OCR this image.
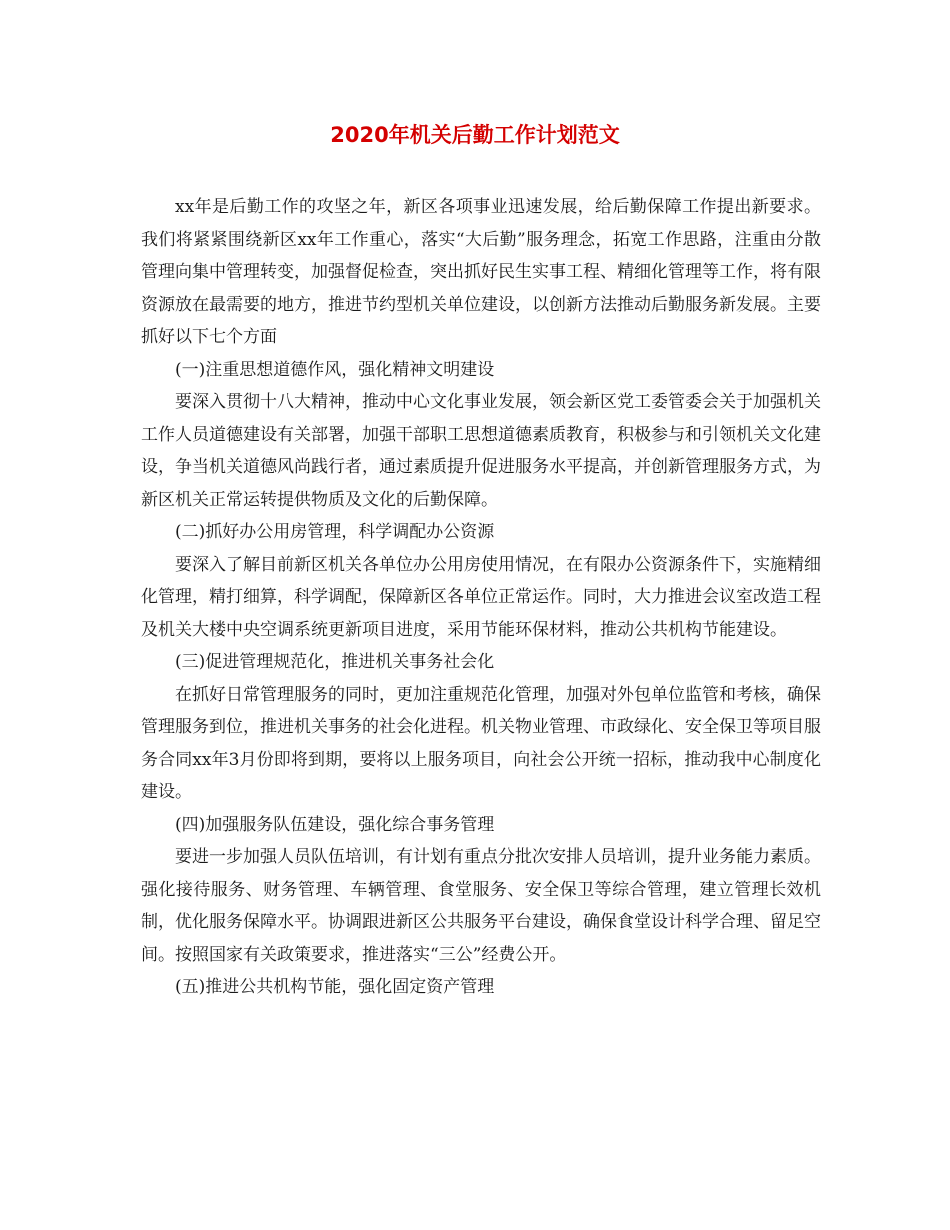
2020年机关后勤工作计划范文

xx年是后勤工作的攻坚之年，新区各项事业迅速发展，给后勤保障工作提出新要求。我们将紧紧围绕新区xx年工作重心，落实“大后勤”服务理念，拓宽工作思路，注重由分散管理向集中管理转变，加强督促检查，突出抓好民生实事工程、精细化管理等工作，将有限资源放在最需要的地方，推进节约型机关单位建设，以创新方法推动后勤服务新发展。主要抓好以下七个方面

(一)注重思想道德作风，强化精神文明建设

要深入贯彻十八大精神，推动中心文化事业发展，领会新区党工委管委会关于加强机关工作人员道德建设有关部署，加强干部职工思想道德素质教育，积极参与和引领机关文化建设，争当机关道德风尚践行者，通过素质提升促进服务水平提高，并创新管理服务方式，为新区机关正常运转提供物质及文化的后勤保障。

(二)抓好办公用房管理，科学调配办公资源

要深入了解目前新区机关各单位办公用房使用情况，在有限办公资源条件下，实施精细化管理，精打细算，科学调配，保障新区各单位正常运作。同时，大力推进会议室改造工程及机关大楼中央空调系统更新项目进度，采用节能环保材料，推动公共机构节能建设。

(三)促进管理规范化，推进机关事务社会化

在抓好日常管理服务的同时，更加注重规范化管理，加强对外包单位监管和考核，确保管理服务到位，推进机关事务的社会化进程。机关物业管理、市政绿化、安全保卫等项目服务合同xx年3月份即将到期，要将以上服务项目，向社会公开统一招标，推动我中心制度化建设。

(四)加强服务队伍建设，强化综合事务管理

要进一步加强人员队伍培训，有计划有重点分批次安排人员培训，提升业务能力素质。强化接待服务、财务管理、车辆管理、食堂服务、安全保卫等综合管理，建立管理长效机制，优化服务保障水平。协调跟进新区公共服务平台建设，确保食堂设计科学合理、留足空间。按照国家有关政策要求，推进落实“三公”经费公开。

(五)推进公共机构节能，强化固定资产管理
